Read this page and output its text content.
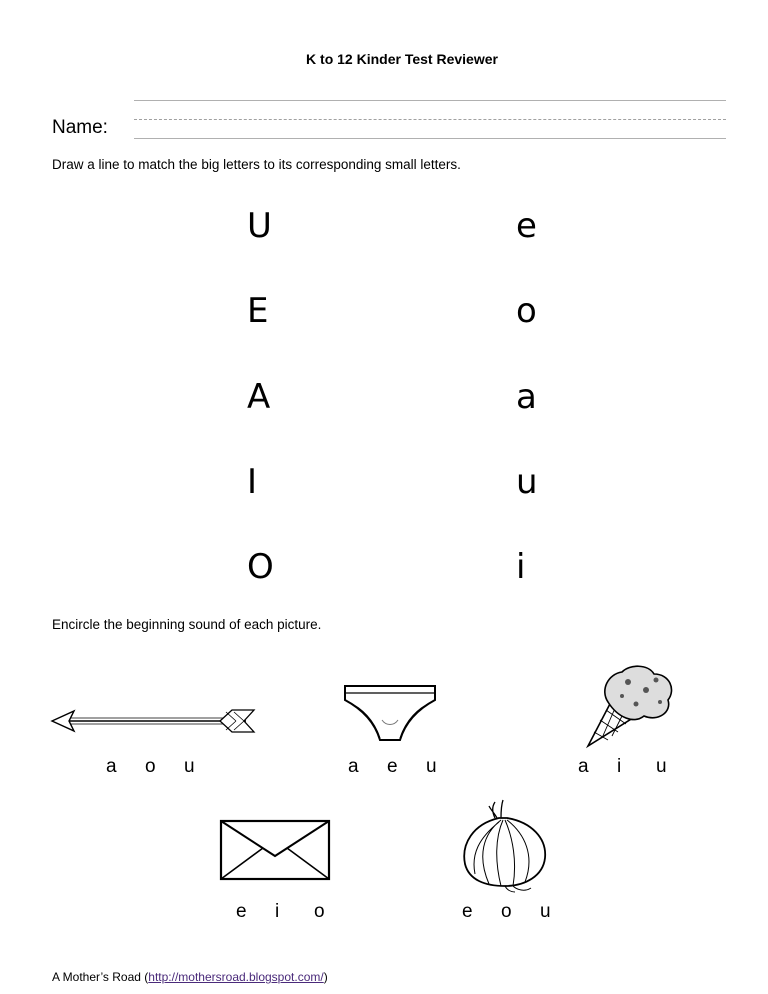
K to 12 Kinder Test Reviewer
Name:
Draw a line to match the big letters to its corresponding small letters.
U
E
A
I
O
e
o
a
u
i
Encircle the beginning sound of each picture.
a	o	u	a	e	u	a	i	u
e	i	o	e	o	u
A Mother’s Road (http://mothersroad.blogspot.com/)
